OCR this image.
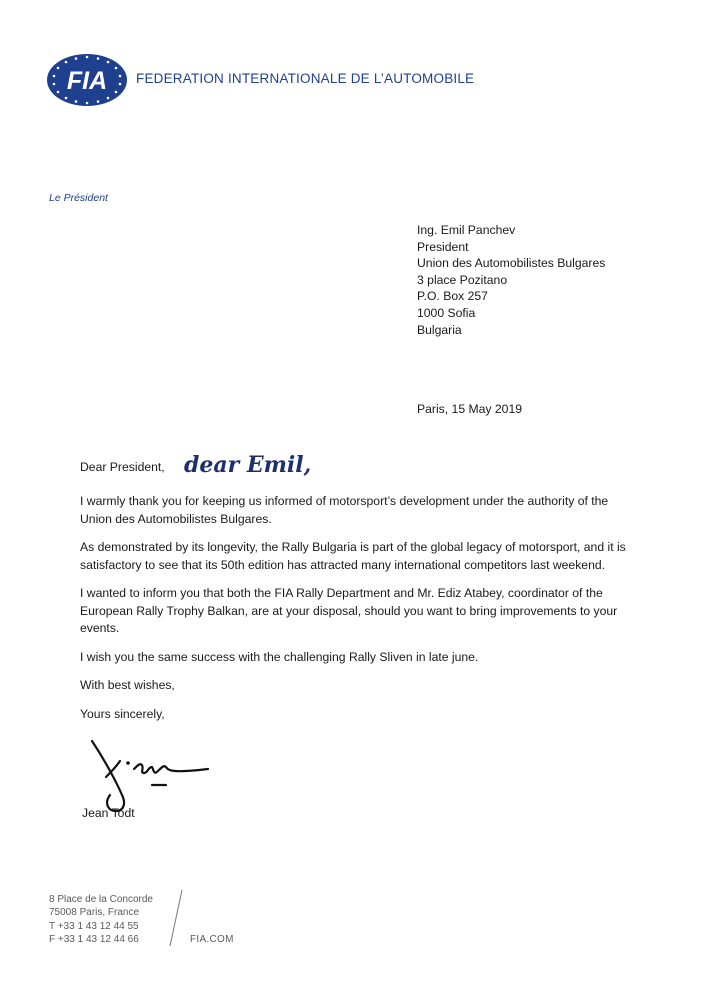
FIA FEDERATION INTERNATIONALE DE L’AUTOMOBILE
Le Président
Ing. Emil Panchev
President
Union des Automobilistes Bulgares
3 place Pozitano
P.O. Box 257
1000 Sofia
Bulgaria
Paris, 15 May 2019
Dear President, dear Emil,

I warmly thank you for keeping us informed of motorsport’s development under the authority of the Union des Automobilistes Bulgares.

As demonstrated by its longevity, the Rally Bulgaria is part of the global legacy of motorsport, and it is satisfactory to see that its 50th edition has attracted many international competitors last weekend.

I wanted to inform you that both the FIA Rally Department and Mr. Ediz Atabey, coordinator of the European Rally Trophy Balkan, are at your disposal, should you want to bring improvements to your events.

I wish you the same success with the challenging Rally Sliven in late june.

With best wishes,

Yours sincerely,

Jean Todt
8 Place de la Concorde
75008 Paris, France
T +33 1 43 12 44 55
F +33 1 43 12 44 66	FIA.COM
